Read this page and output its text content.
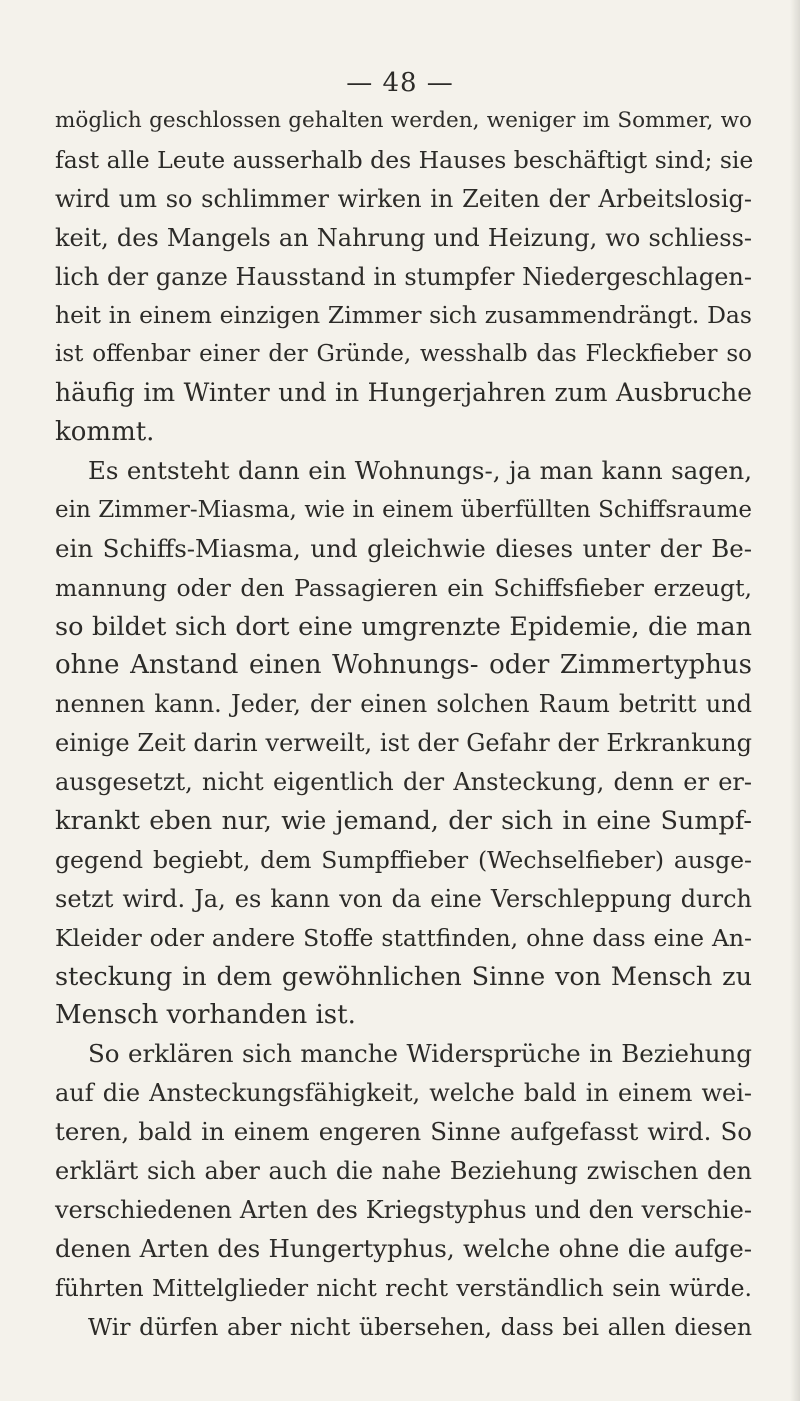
— 48 —

möglich geschlossen gehalten werden, weniger im Sommer, wo
fast alle Leute ausserhalb des Hauses beschäftigt sind; sie
wird um so schlimmer wirken in Zeiten der Arbeitslosig-
keit, des Mangels an Nahrung und Heizung, wo schliess-
lich der ganze Hausstand in stumpfer Niedergeschlagen-
heit in einem einzigen Zimmer sich zusammendrängt. Das
ist offenbar einer der Gründe, wesshalb das Fleckfieber so
häufig im Winter und in Hungerjahren zum Ausbruche
kommt.
Es entsteht dann ein Wohnungs-, ja man kann sagen,
ein Zimmer-Miasma, wie in einem überfüllten Schiffsraume
ein Schiffs-Miasma, und gleichwie dieses unter der Be-
mannung oder den Passagieren ein Schiffsfieber erzeugt,
so bildet sich dort eine umgrenzte Epidemie, die man
ohne Anstand einen Wohnungs- oder Zimmertyphus
nennen kann. Jeder, der einen solchen Raum betritt und
einige Zeit darin verweilt, ist der Gefahr der Erkrankung
ausgesetzt, nicht eigentlich der Ansteckung, denn er er-
krankt eben nur, wie jemand, der sich in eine Sumpf-
gegend begiebt, dem Sumpffieber (Wechselfieber) ausge-
setzt wird. Ja, es kann von da eine Verschleppung durch
Kleider oder andere Stoffe stattfinden, ohne dass eine An-
steckung in dem gewöhnlichen Sinne von Mensch zu
Mensch vorhanden ist.
So erklären sich manche Widersprüche in Beziehung
auf die Ansteckungsfähigkeit, welche bald in einem wei-
teren, bald in einem engeren Sinne aufgefasst wird. So
erklärt sich aber auch die nahe Beziehung zwischen den
verschiedenen Arten des Kriegstyphus und den verschie-
denen Arten des Hungertyphus, welche ohne die aufge-
führten Mittelglieder nicht recht verständlich sein würde.
Wir dürfen aber nicht übersehen, dass bei allen diesen
